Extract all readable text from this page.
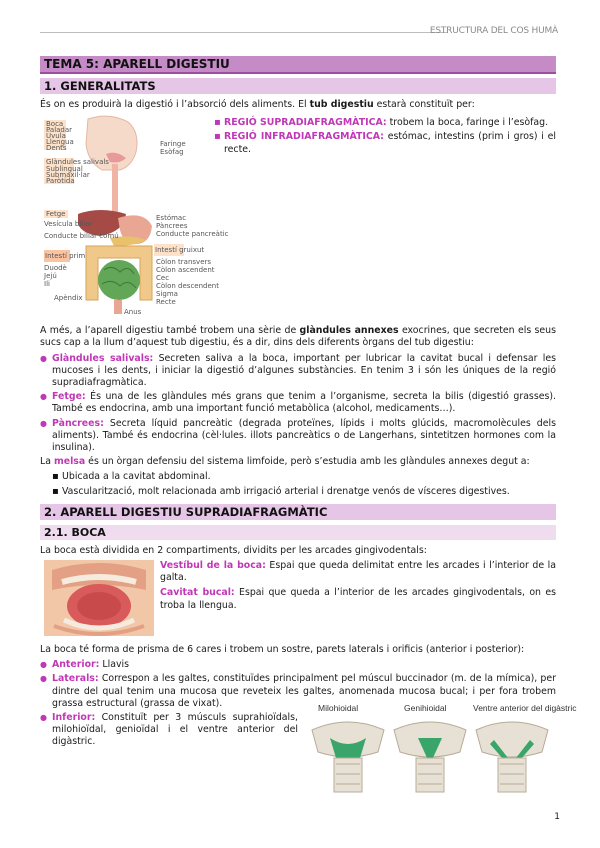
ESTRUCTURA DEL COS HUMÀ
TEMA 5: APARELL DIGESTIU
1. GENERALITATS

És on es produirà la digestió i l’absorció dels aliments. El tub digestiu estarà constituït per:

Boca
Paladar
Úvula
Llengua
Dents
Glàndules salivals
Sublingual
Submaxil·lar
Paròtida
Fetge
Vesícula biliar
Conducte biliar comú
Intestí prim
Duodè
Jejú
Ili
Apèndix
Faringe
Esòfag
Estómac
Pàncrees
Conducte pancreàtic
Intestí gruixut
Còlon transvers
Còlon ascendent
Cec
Còlon descendent
Sigma
Recte
Anus
▪ REGIÓ SUPRADIAFRAGMÀTICA: trobem la boca, faringe i l’esòfag.
▪ REGIÓ INFRADIAFRAGMÀTICA: estómac, intestins (prim i gros) i el recte.

A més, a l’aparell digestiu també trobem una sèrie de glàndules annexes exocrines, que secreten els seus sucs cap a la llum d’aquest tub digestiu, és a dir, dins dels diferents òrgans del tub digestiu:

● Glàndules salivals: Secreten saliva a la boca, important per lubricar la cavitat bucal i defensar les mucoses i les dents, i iniciar la digestió d’algunes substàncies. En tenim 3 i són les úniques de la regió supradiafragmàtica.
● Fetge: És una de les glàndules més grans que tenim a l’organisme, secreta la bilis (digestió grasses). També es endocrina, amb una important funció metabòlica (alcohol, medicaments…).
● Pàncrees: Secreta líquid pancreàtic (degrada proteïnes, lípids i molts glúcids, macromolècules dels aliments). També és endocrina (cèl·lules. illots pancreàtics o de Langerhans, sintetitzen hormones com la insulina).

La melsa és un òrgan defensiu del sistema limfoide, però s’estudia amb les glàndules annexes degut a:

▪ Ubicada a la cavitat abdominal.
▪ Vascularització, molt relacionada amb irrigació arterial i drenatge venós de vísceres digestives.
2. APARELL DIGESTIU SUPRADIAFRAGMÀTIC
2.1. BOCA

La boca està dividida en 2 compartiments, dividits per les arcades gingivodentals:

Vestíbul de la boca: Espai que queda delimitat entre les arcades i l’interior de la galta.

Cavitat bucal: Espai que queda a l’interior de les arcades gingivodentals, on es troba la llengua.

La boca té forma de prisma de 6 cares i trobem un sostre, parets laterals i orificis (anterior i posterior):

● Anterior: Llavis
● Laterals: Correspon a les galtes, constituïdes principalment pel múscul buccinador (m. de la mímica), per dintre del qual tenim una mucosa que reveteix les galtes, anomenada mucosa bucal; i per fora trobem grassa estructural (grassa de vixat).
● Inferior: Constituït per 3 músculs suprahioïdals, milohioïdal, genioïdal i el ventre anterior del digàstric.
Milohioidal	Genihioidal	Ventre anterior del digàstric
1
